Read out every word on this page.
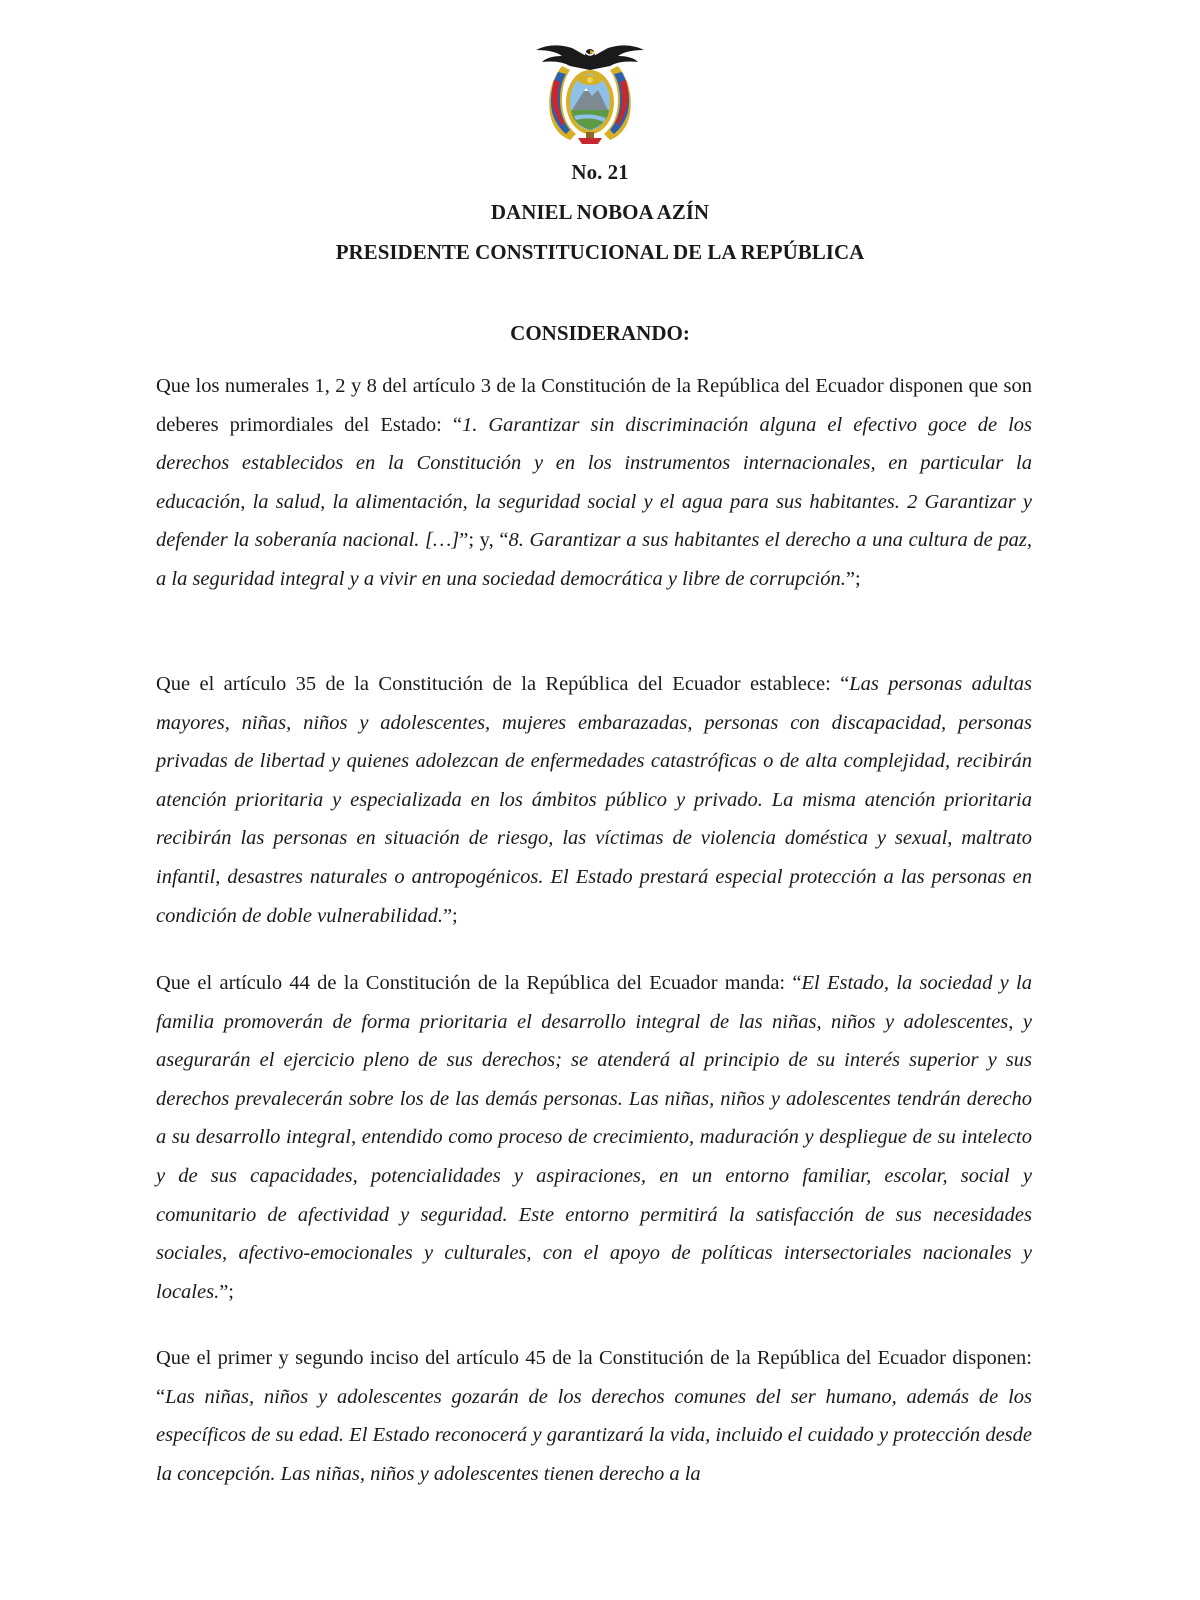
No. 21
DANIEL NOBOA AZÍN
PRESIDENTE CONSTITUCIONAL DE LA REPÚBLICA
CONSIDERANDO:

Que los numerales 1, 2 y 8 del artículo 3 de la Constitución de la República del Ecuador disponen que son deberes primordiales del Estado: “1. Garantizar sin discriminación alguna el efectivo goce de los derechos establecidos en la Constitución y en los instrumentos internacionales, en particular la educación, la salud, la alimentación, la seguridad social y el agua para sus habitantes. 2 Garantizar y defender la soberanía nacional. […]”; y, “8. Garantizar a sus habitantes el derecho a una cultura de paz, a la seguridad integral y a vivir en una sociedad democrática y libre de corrupción.”;

Que el artículo 35 de la Constitución de la República del Ecuador establece: “Las personas adultas mayores, niñas, niños y adolescentes, mujeres embarazadas, personas con discapacidad, personas privadas de libertad y quienes adolezcan de enfermedades catastróficas o de alta complejidad, recibirán atención prioritaria y especializada en los ámbitos público y privado. La misma atención prioritaria recibirán las personas en situación de riesgo, las víctimas de violencia doméstica y sexual, maltrato infantil, desastres naturales o antropogénicos. El Estado prestará especial protección a las personas en condición de doble vulnerabilidad.”;

Que el artículo 44 de la Constitución de la República del Ecuador manda: “El Estado, la sociedad y la familia promoverán de forma prioritaria el desarrollo integral de las niñas, niños y adolescentes, y asegurarán el ejercicio pleno de sus derechos; se atenderá al principio de su interés superior y sus derechos prevalecerán sobre los de las demás personas. Las niñas, niños y adolescentes tendrán derecho a su desarrollo integral, entendido como proceso de crecimiento, maduración y despliegue de su intelecto y de sus capacidades, potencialidades y aspiraciones, en un entorno familiar, escolar, social y comunitario de afectividad y seguridad. Este entorno permitirá la satisfacción de sus necesidades sociales, afectivo-emocionales y culturales, con el apoyo de políticas intersectoriales nacionales y locales.”;

Que el primer y segundo inciso del artículo 45 de la Constitución de la República del Ecuador disponen: “Las niñas, niños y adolescentes gozarán de los derechos comunes del ser humano, además de los específicos de su edad. El Estado reconocerá y garantizará la vida, incluido el cuidado y protección desde la concepción. Las niñas, niños y adolescentes tienen derecho a la
